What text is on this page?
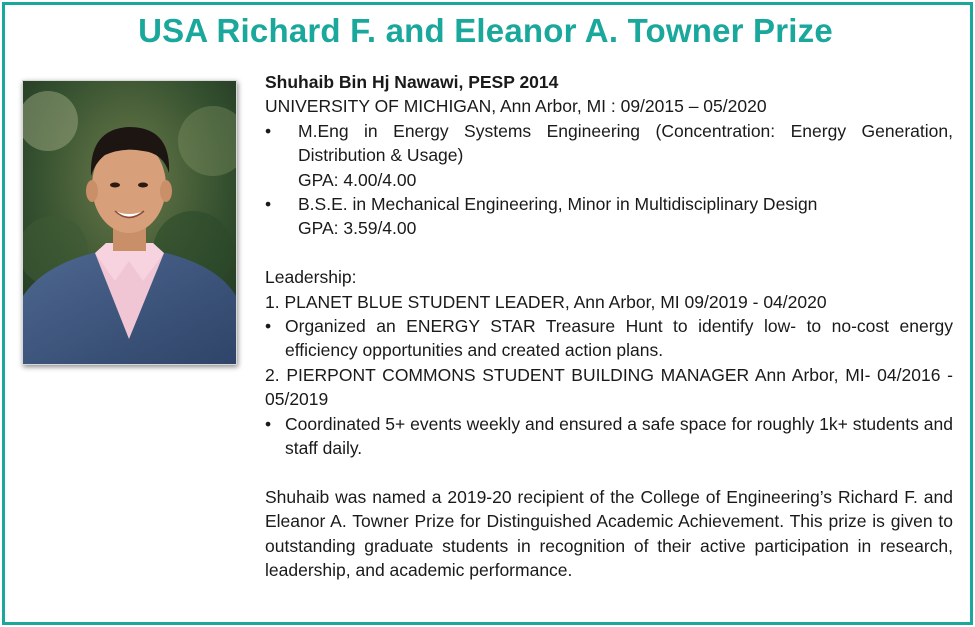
USA Richard F. and Eleanor A. Towner Prize
Shuhaib Bin Hj Nawawi, PESP 2014
UNIVERSITY OF MICHIGAN, Ann Arbor, MI : 09/2015 – 05/2020
• M.Eng in Energy Systems Engineering (Concentration: Energy Generation, Distribution & Usage)
GPA: 4.00/4.00
• B.S.E. in Mechanical Engineering, Minor in Multidisciplinary Design
GPA: 3.59/4.00
Leadership:
1. PLANET BLUE STUDENT LEADER, Ann Arbor, MI 09/2019 - 04/2020
• Organized an ENERGY STAR Treasure Hunt to identify low- to no-cost energy efficiency opportunities and created action plans.
2. PIERPONT COMMONS STUDENT BUILDING MANAGER Ann Arbor, MI- 04/2016 - 05/2019
• Coordinated 5+ events weekly and ensured a safe space for roughly 1k+ students and staff daily.
Shuhaib was named a 2019-20 recipient of the College of Engineering’s Richard F. and Eleanor A. Towner Prize for Distinguished Academic Achievement. This prize is given to outstanding graduate students in recognition of their active participation in research, leadership, and academic performance.
